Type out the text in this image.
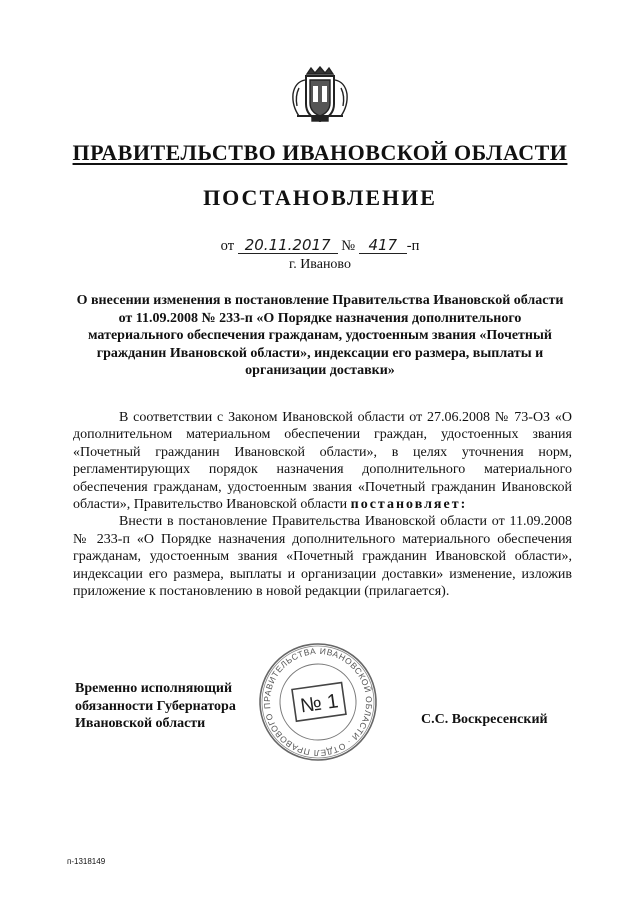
ПРАВИТЕЛЬСТВО ИВАНОВСКОЙ ОБЛАСТИ
ПОСТАНОВЛЕНИЕ
от 20.11.2017 № 417 -п
г. Иваново
О внесении изменения в постановление Правительства Ивановской области от 11.09.2008 № 233-п «О Порядке назначения дополнительного материального обеспечения гражданам, удостоенным звания «Почетный гражданин Ивановской области», индексации его размера, выплаты и организации доставки»

В соответствии с Законом Ивановской области от 27.06.2008 № 73-ОЗ «О дополнительном материальном обеспечении граждан, удостоенных звания «Почетный гражданин Ивановской области», в целях уточнения норм, регламентирующих порядок назначения дополнительного материального обеспечения гражданам, удостоенным звания «Почетный гражданин Ивановской области», Правительство Ивановской области постановляет:

Внести в постановление Правительства Ивановской области от 11.09.2008 № 233-п «О Порядке назначения дополнительного материального обеспечения гражданам, удостоенным звания «Почетный гражданин Ивановской области», индексации его размера, выплаты и организации доставки» изменение, изложив приложение к постановлению в новой редакции (прилагается).

Временно исполняющий
обязанности Губернатора
Ивановской области
ПРАВИТЕЛЬСТВА ИВАНОВСКОЙ ОБЛАСТИ · ОТДЕЛ ПРАВОВОГО	№ 1
С.С. Воскресенский
п-1318149
